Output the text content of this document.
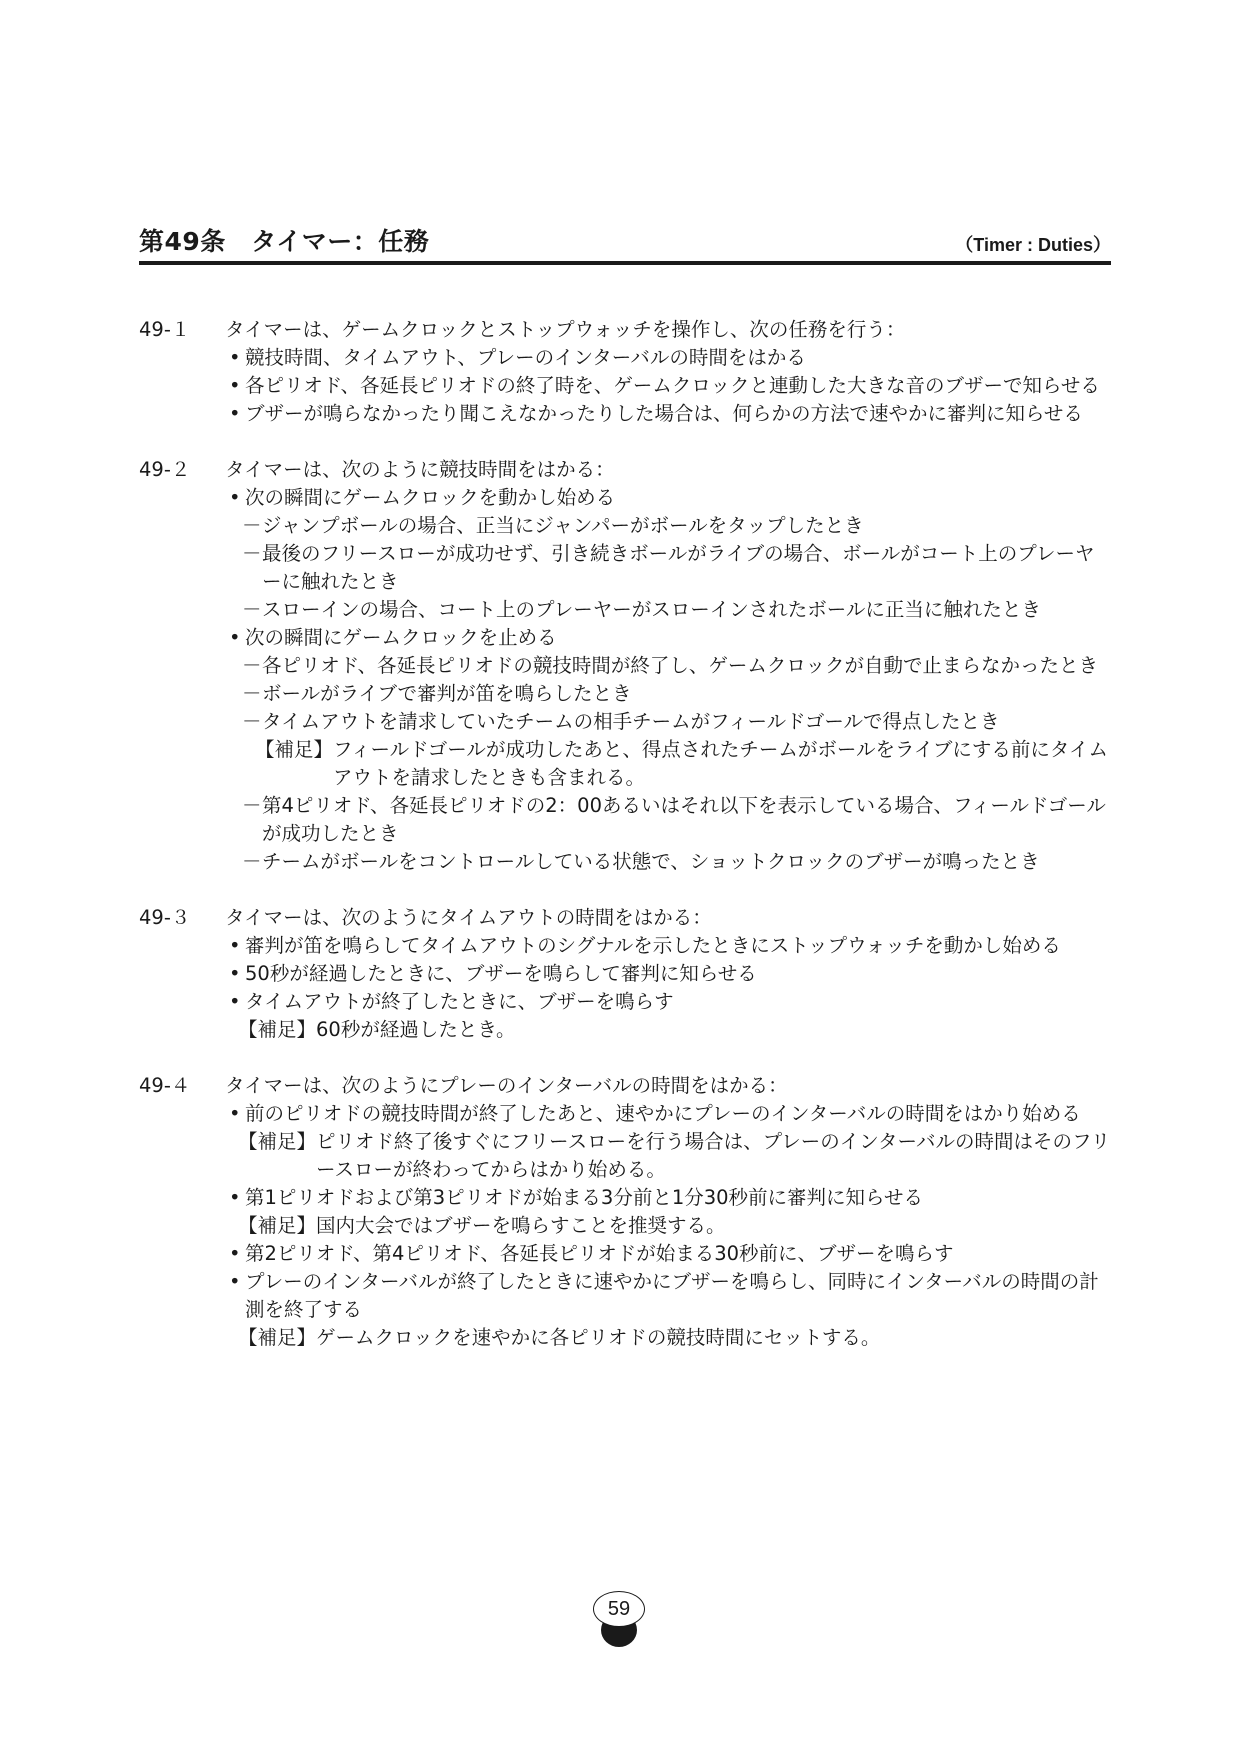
第49条　タイマー：任務	（Timer : Duties）
49-１	タイマーは、ゲームクロックとストップウォッチを操作し、次の任務を行う：
• 競技時間、タイムアウト、プレーのインターバルの時間をはかる
• 各ピリオド、各延長ピリオドの終了時を、ゲームクロックと連動した大きな音のブザーで知らせる
• ブザーが鳴らなかったり聞こえなかったりした場合は、何らかの方法で速やかに審判に知らせる
49-２	タイマーは、次のように競技時間をはかる：
• 次の瞬間にゲームクロックを動かし始める
－ ジャンプボールの場合、正当にジャンパーがボールをタップしたとき
－ 最後のフリースローが成功せず、引き続きボールがライブの場合、ボールがコート上のプレーヤーに触れたとき
－ スローインの場合、コート上のプレーヤーがスローインされたボールに正当に触れたとき
• 次の瞬間にゲームクロックを止める
－ 各ピリオド、各延長ピリオドの競技時間が終了し、ゲームクロックが自動で止まらなかったとき
－ ボールがライブで審判が笛を鳴らしたとき
－ タイムアウトを請求していたチームの相手チームがフィールドゴールで得点したとき
【補足】 フィールドゴールが成功したあと、得点されたチームがボールをライブにする前にタイムアウトを請求したときも含まれる。
－ 第4ピリオド、各延長ピリオドの2：00あるいはそれ以下を表示している場合、フィールドゴールが成功したとき
－ チームがボールをコントロールしている状態で、ショットクロックのブザーが鳴ったとき
49-３	タイマーは、次のようにタイムアウトの時間をはかる：
• 審判が笛を鳴らしてタイムアウトのシグナルを示したときにストップウォッチを動かし始める
• 50秒が経過したときに、ブザーを鳴らして審判に知らせる
• タイムアウトが終了したときに、ブザーを鳴らす
【補足】 60秒が経過したとき。
49-４	タイマーは、次のようにプレーのインターバルの時間をはかる：
• 前のピリオドの競技時間が終了したあと、速やかにプレーのインターバルの時間をはかり始める
【補足】 ピリオド終了後すぐにフリースローを行う場合は、プレーのインターバルの時間はそのフリースローが終わってからはかり始める。
• 第1ピリオドおよび第3ピリオドが始まる3分前と1分30秒前に審判に知らせる
【補足】 国内大会ではブザーを鳴らすことを推奨する。
• 第2ピリオド、第4ピリオド、各延長ピリオドが始まる30秒前に、ブザーを鳴らす
• プレーのインターバルが終了したときに速やかにブザーを鳴らし、同時にインターバルの時間の計測を終了する
【補足】 ゲームクロックを速やかに各ピリオドの競技時間にセットする。
59
